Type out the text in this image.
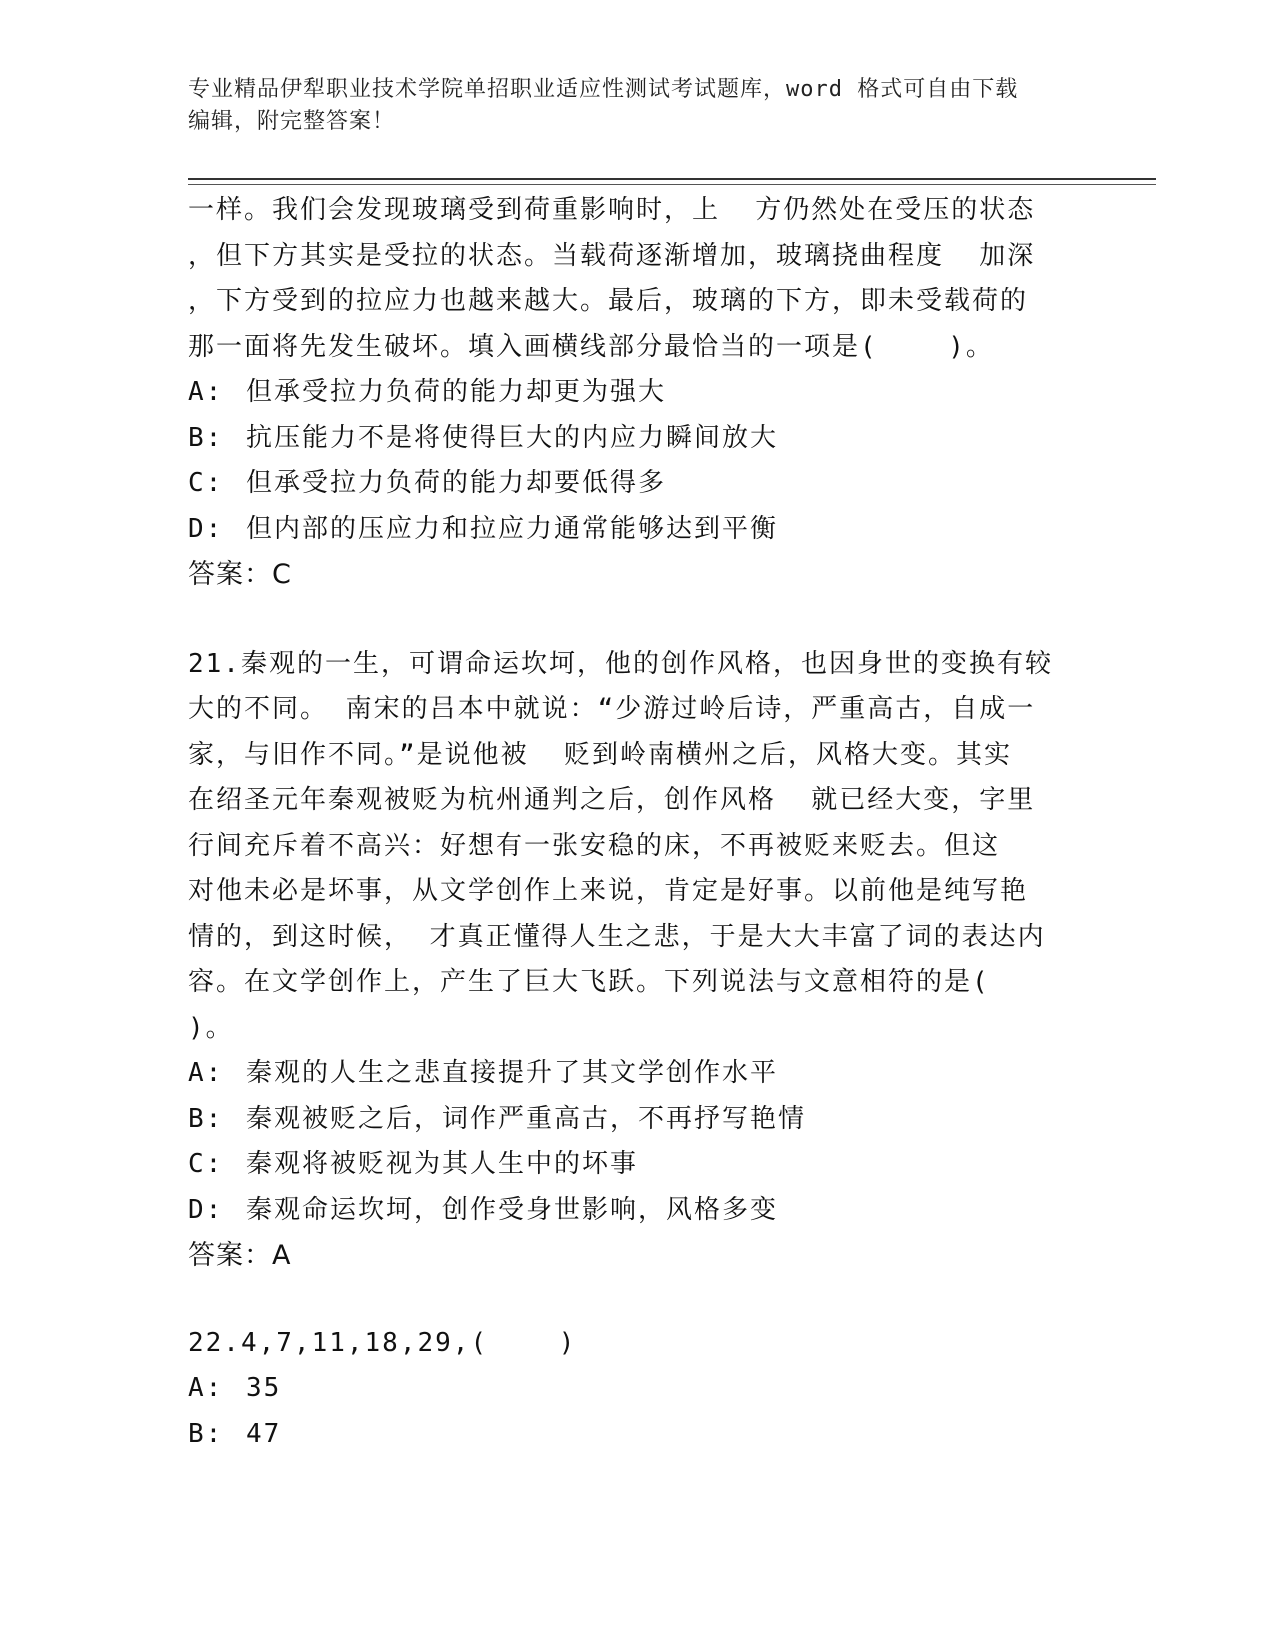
专业精品伊犁职业技术学院单招职业适应性测试考试题库，word 格式可自由下载
编辑，附完整答案！
一样。我们会发现玻璃受到荷重影响时，上  方仍然处在受压的状态
，但下方其实是受拉的状态。当载荷逐渐增加，玻璃挠曲程度  加深
，下方受到的拉应力也越来越大。最后，玻璃的下方，即未受载荷的
那一面将先发生破坏。填入画横线部分最恰当的一项是(    )。
A: 但承受拉力负荷的能力却更为强大
B: 抗压能力不是将使得巨大的内应力瞬间放大
C: 但承受拉力负荷的能力却要低得多
D: 但内部的压应力和拉应力通常能够达到平衡
答案：C
21.秦观的一生，可谓命运坎坷，他的创作风格，也因身世的变换有较
大的不同。 南宋的吕本中就说：“少游过岭后诗，严重高古，自成一
家，与旧作不同。”是说他被  贬到岭南横州之后，风格大变。其实
在绍圣元年秦观被贬为杭州通判之后，创作风格  就已经大变，字里
行间充斥着不高兴：好想有一张安稳的床，不再被贬来贬去。但这
对他未必是坏事，从文学创作上来说，肯定是好事。以前他是纯写艳
情的，到这时候， 才真正懂得人生之悲，于是大大丰富了词的表达内
容。在文学创作上，产生了巨大飞跃。下列说法与文意相符的是(
)。
A: 秦观的人生之悲直接提升了其文学创作水平
B: 秦观被贬之后，词作严重高古，不再抒写艳情
C: 秦观将被贬视为其人生中的坏事
D: 秦观命运坎坷，创作受身世影响，风格多变
答案：A
22.4,7,11,18,29,(    )
A: 35
B: 47
